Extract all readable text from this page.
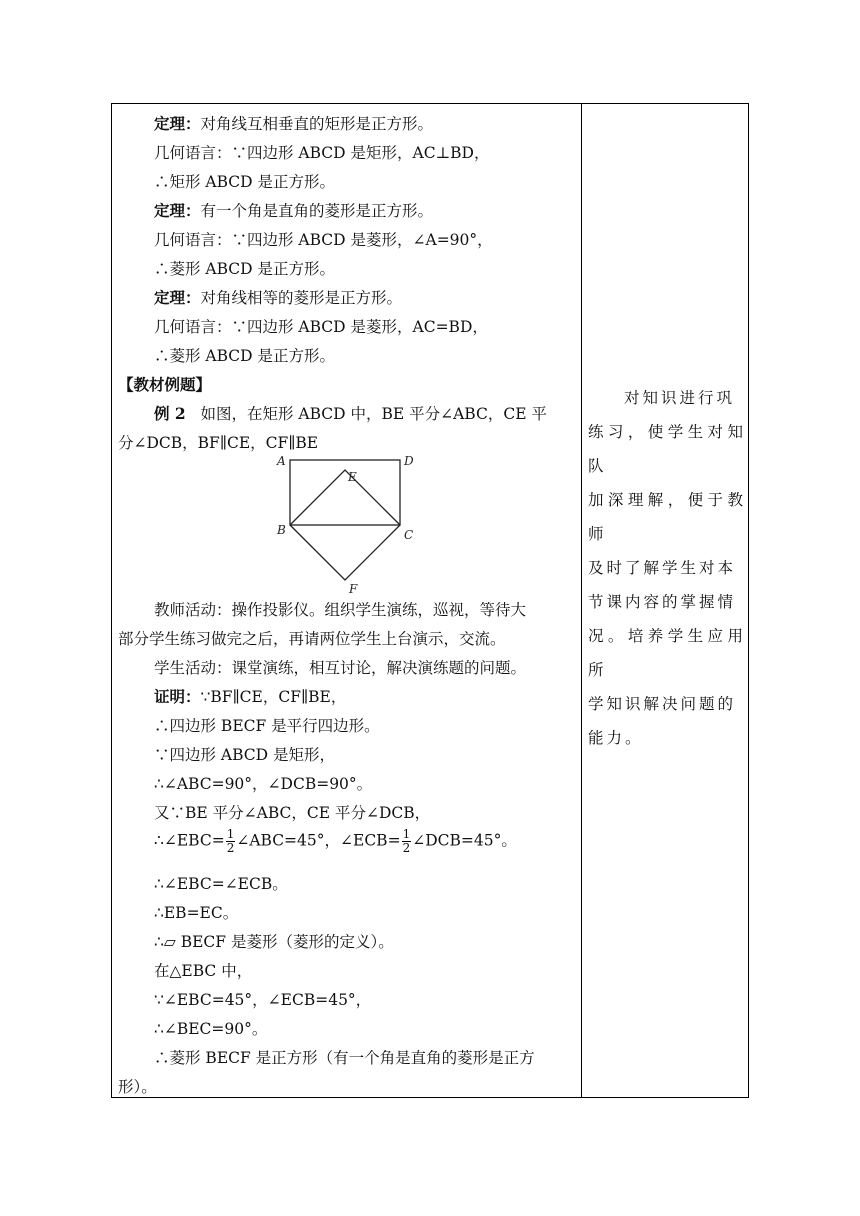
定理：对角线互相垂直的矩形是正方形。
几何语言：∵四边形 ABCD 是矩形，AC⊥BD，
∴矩形 ABCD 是正方形。
定理：有一个角是直角的菱形是正方形。
几何语言：∵四边形 ABCD 是菱形，∠A=90°，
∴菱形 ABCD 是正方形。
定理：对角线相等的菱形是正方形。
几何语言：∵四边形 ABCD 是菱形，AC=BD，
∴菱形 ABCD 是正方形。
【教材例题】
例 2 如图，在矩形 ABCD 中，BE 平分∠ABC，CE 平
分∠DCB，BF∥CE，CF∥BE
A	D
E
B	C
F
教师活动：操作投影仪。组织学生演练，巡视，等待大
部分学生练习做完之后，再请两位学生上台演示，交流。
学生活动：课堂演练，相互讨论，解决演练题的问题。
证明：∵BF∥CE，CF∥BE，
∴四边形 BECF 是平行四边形。
∵四边形 ABCD 是矩形，
∴∠ABC=90°，∠DCB=90°。
又∵BE 平分∠ABC，CE 平分∠DCB，
∴∠EBC= $\frac{1}{2}$ ∠ABC=45°，∠ECB= $\frac{1}{2}$ ∠DCB=45°。
∴∠EBC=∠ECB。
∴EB=EC。
∴▱ BECF 是菱形（菱形的定义）。
在△EBC 中，
∵∠EBC=45°，∠ECB=45°，
∴∠BEC=90°。
∴菱形 BECF 是正方形（有一个角是直角的菱形是正方
形）。
对知识进行巩
练习，使学生对知队
加深理解，便于教师
及时了解学生对本
节课内容的掌握情
况。培养学生应用所
学知识解决问题的
能力。
